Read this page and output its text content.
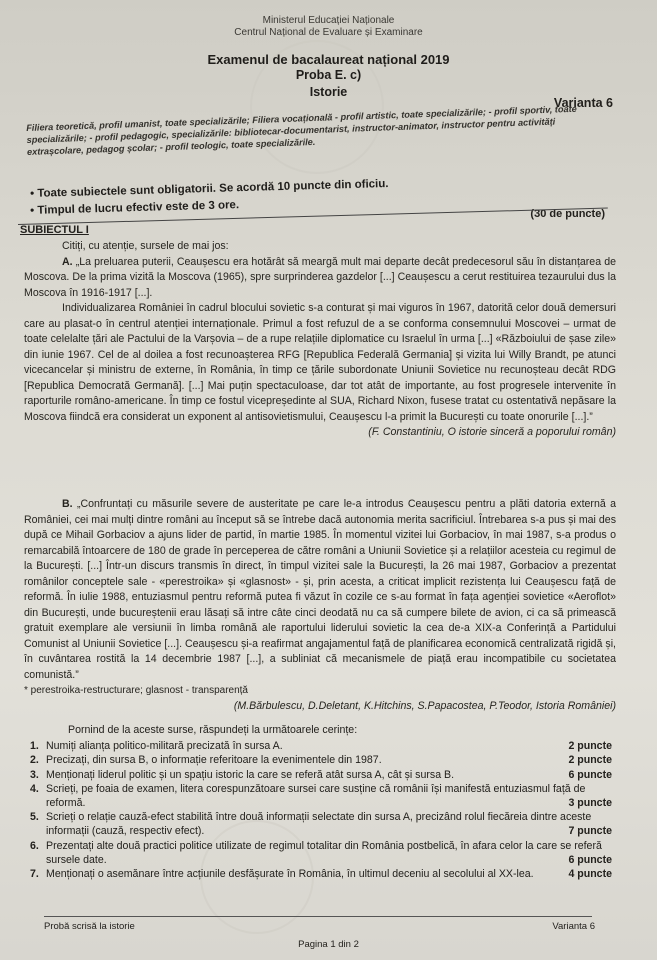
Ministerul Educației Naționale
Centrul Național de Evaluare și Examinare
Examenul de bacalaureat național 2019
Proba E. c)
Istorie
Varianta 6
Filiera teoretică, profil umanist, toate specializările; Filiera vocațională - profil artistic, toate specializările; - profil sportiv, toate specializările; - profil pedagogic, specializările: bibliotecar-documentarist, instructor-animator, instructor pentru activități extrașcolare, pedagog școlar; - profil teologic, toate specializările.
• Toate subiectele sunt obligatorii. Se acordă 10 puncte din oficiu.
• Timpul de lucru efectiv este de 3 ore.	(30 de puncte)
SUBIECTUL I

Citiți, cu atenție, sursele de mai jos:

A. „La preluarea puterii, Ceaușescu era hotărât să meargă mult mai departe decât predecesorul său în distanțarea de Moscova. De la prima vizită la Moscova (1965), spre surprinderea gazdelor [...] Ceaușescu a cerut restituirea tezaurului dus la Moscova în 1916-1917 [...].

Individualizarea României în cadrul blocului sovietic s-a conturat și mai viguros în 1967, datorită celor două demersuri care au plasat-o în centrul atenției internaționale. Primul a fost refuzul de a se conforma consemnului Moscovei – urmat de toate celelalte țări ale Pactului de la Varșovia – de a rupe relațiile diplomatice cu Israelul în urma [...] «Războiului de șase zile» din iunie 1967. Cel de al doilea a fost recunoașterea RFG [Republica Federală Germania] și vizita lui Willy Brandt, pe atunci vicecancelar și ministru de externe, în România, în timp ce țările subordonate Uniunii Sovietice nu recunoșteau decât RDG [Republica Democrată Germană]. [...] Mai puțin spectaculoase, dar tot atât de importante, au fost progresele intervenite în raporturile româno-americane. În timp ce fostul vicepreședinte al SUA, Richard Nixon, fusese tratat cu ostentativă nepăsare la Moscova fiindcă era considerat un exponent al antisovietismului, Ceaușescu l-a primit la București cu toate onorurile [...].”

(F. Constantiniu, O istorie sinceră a poporului român)

B. „Confruntați cu măsurile severe de austeritate pe care le-a introdus Ceaușescu pentru a plăti datoria externă a României, cei mai mulți dintre români au început să se întrebe dacă autonomia merita sacrificiul. Întrebarea s-a pus și mai des după ce Mihail Gorbaciov a ajuns lider de partid, în martie 1985. În momentul vizitei lui Gorbaciov, în mai 1987, s-a produs o remarcabilă întoarcere de 180 de grade în perceperea de către români a Uniunii Sovietice și a relațiilor acesteia cu regimul de la București. [...] Într-un discurs transmis în direct, în timpul vizitei sale la București, la 26 mai 1987, Gorbaciov a prezentat românilor conceptele sale - «perestroika» și «glasnost» - și, prin acesta, a criticat implicit rezistența lui Ceaușescu față de reformă. În iulie 1988, entuziasmul pentru reformă putea fi văzut în cozile ce s-au format în fața agenției sovietice «Aeroflot» din București, unde bucureștenii erau lăsați să intre câte cinci deodată nu ca să cumpere bilete de avion, ci ca să primească gratuit exemplare ale versiunii în limba română ale raportului liderului sovietic la cea de-a XIX-a Conferință a Partidului Comunist al Uniunii Sovietice [...]. Ceaușescu și-a reafirmat angajamentul față de planificarea economică centralizată rigidă și, în cuvântarea rostită la 14 decembrie 1987 [...], a subliniat că mecanismele de piață erau incompatibile cu societatea comunistă.”

* perestroika-restructurare; glasnost - transparență

(M.Bărbulescu, D.Deletant, K.Hitchins, S.Papacostea, P.Teodor, Istoria României)

Pornind de la aceste surse, răspundeți la următoarele cerințe:

1. Numiți alianța politico-militară precizată în sursa A.	2 puncte
2. Precizați, din sursa B, o informație referitoare la evenimentele din 1987.	2 puncte
3. Menționați liderul politic și un spațiu istoric la care se referă atât sursa A, cât și sursa B.	6 puncte
4. Scrieți, pe foaia de examen, litera corespunzătoare sursei care susține că românii își manifestă entuziasmul față de reformă.	3 puncte
5. Scrieți o relație cauză-efect stabilită între două informații selectate din sursa A, precizând rolul fiecăreia dintre aceste informații (cauză, respectiv efect).	7 puncte
6. Prezentați alte două practici politice utilizate de regimul totalitar din România postbelică, în afara celor la care se referă sursele date.	6 puncte
7. Menționați o asemănare între acțiunile desfășurate în România, în ultimul deceniu al secolului al XX-lea.	4 puncte
Probă scrisă la istorie	Varianta 6
Pagina 1 din 2
